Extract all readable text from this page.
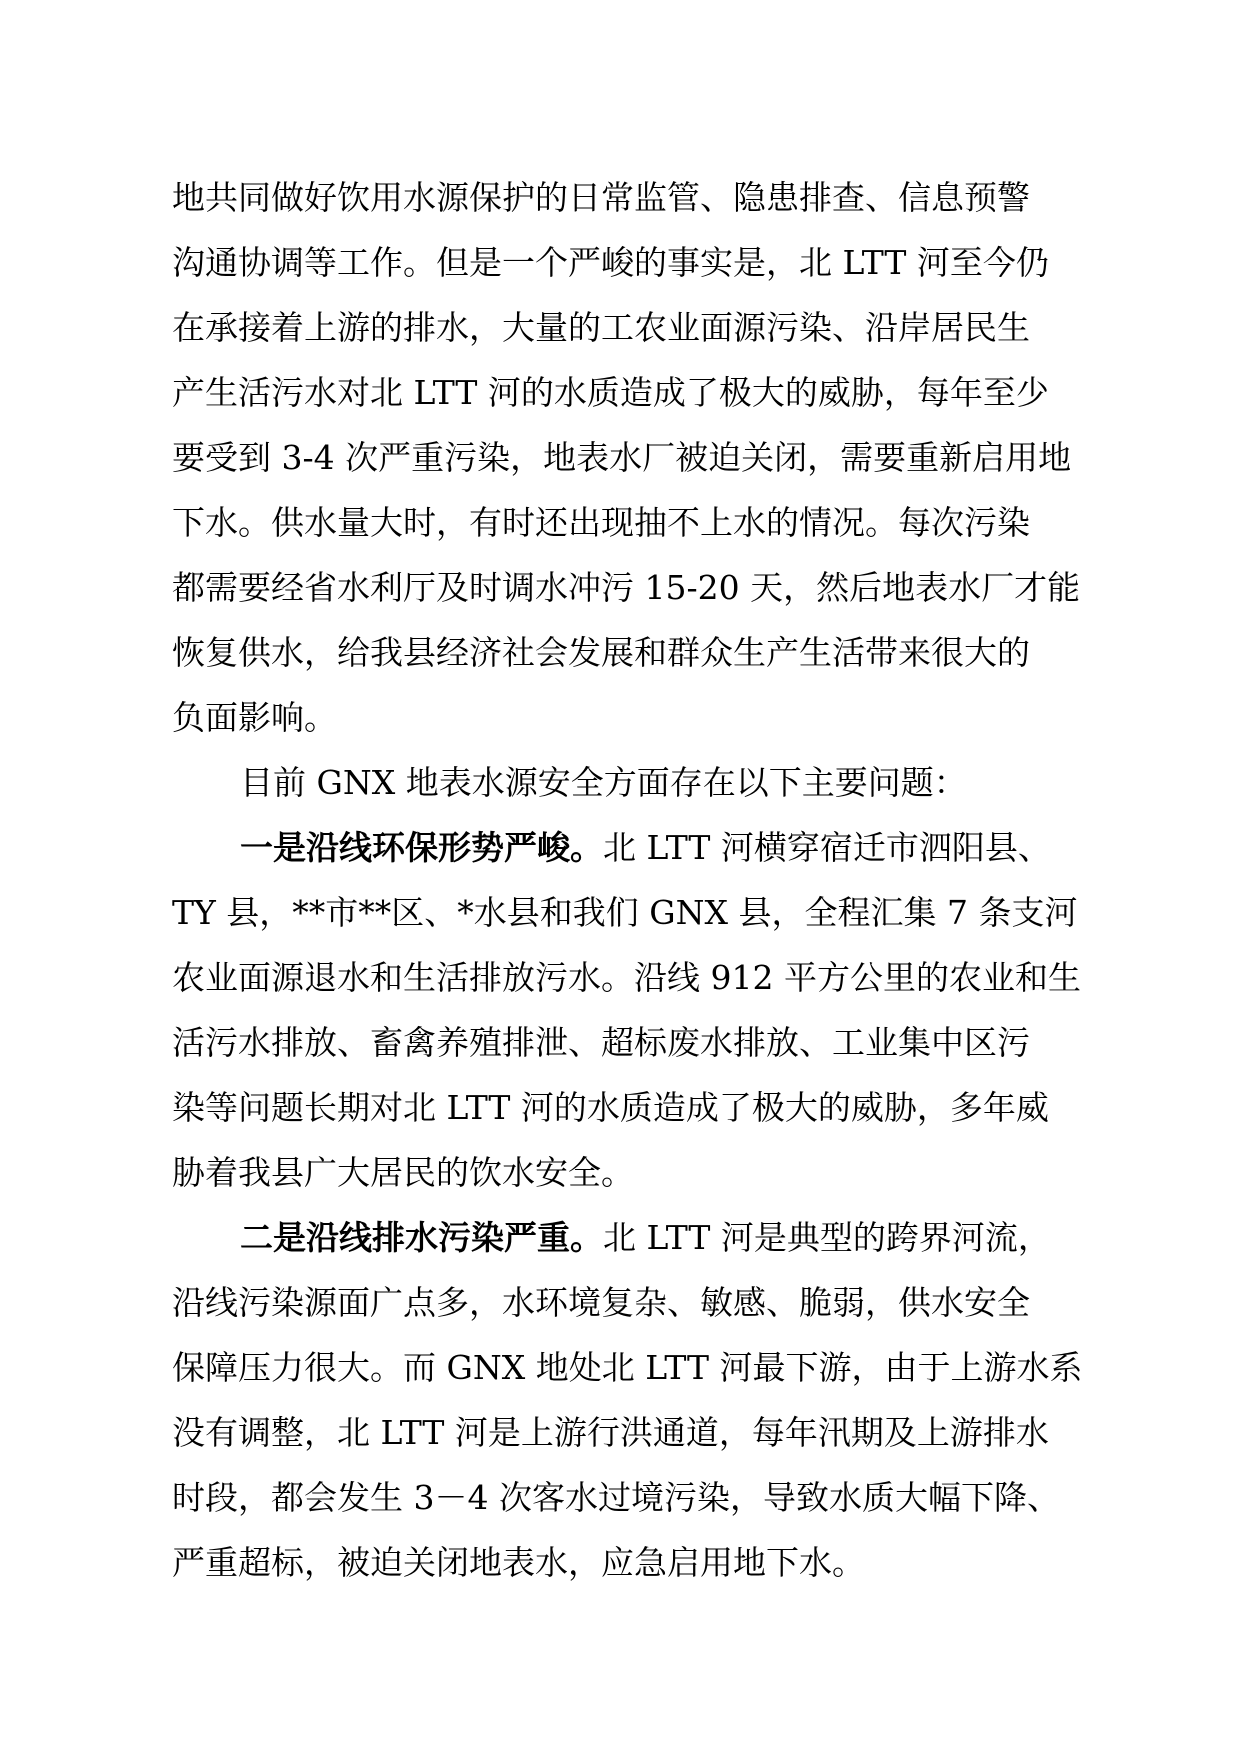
地共同做好饮用水源保护的日常监管、隐患排查、信息预警
沟通协调等工作。但是一个严峻的事实是，北 LTT 河至今仍
在承接着上游的排水，大量的工农业面源污染、沿岸居民生
产生活污水对北 LTT 河的水质造成了极大的威胁，每年至少
要受到 3-4 次严重污染，地表水厂被迫关闭，需要重新启用地
下水。供水量大时，有时还出现抽不上水的情况。每次污染
都需要经省水利厅及时调水冲污 15-20 天，然后地表水厂才能
恢复供水，给我县经济社会发展和群众生产生活带来很大的
负面影响。
目前 GNX 地表水源安全方面存在以下主要问题：
一是沿线环保形势严峻。北 LTT 河横穿宿迁市泗阳县、
TY 县，**市**区、*水县和我们 GNX 县，全程汇集 7 条支河
农业面源退水和生活排放污水。沿线 912 平方公里的农业和生
活污水排放、畜禽养殖排泄、超标废水排放、工业集中区污
染等问题长期对北 LTT 河的水质造成了极大的威胁，多年威
胁着我县广大居民的饮水安全。
二是沿线排水污染严重。北 LTT 河是典型的跨界河流，
沿线污染源面广点多，水环境复杂、敏感、脆弱，供水安全
保障压力很大。而 GNX 地处北 LTT 河最下游，由于上游水系
没有调整，北 LTT 河是上游行洪通道，每年汛期及上游排水
时段，都会发生 3－4 次客水过境污染，导致水质大幅下降、
严重超标，被迫关闭地表水，应急启用地下水。
